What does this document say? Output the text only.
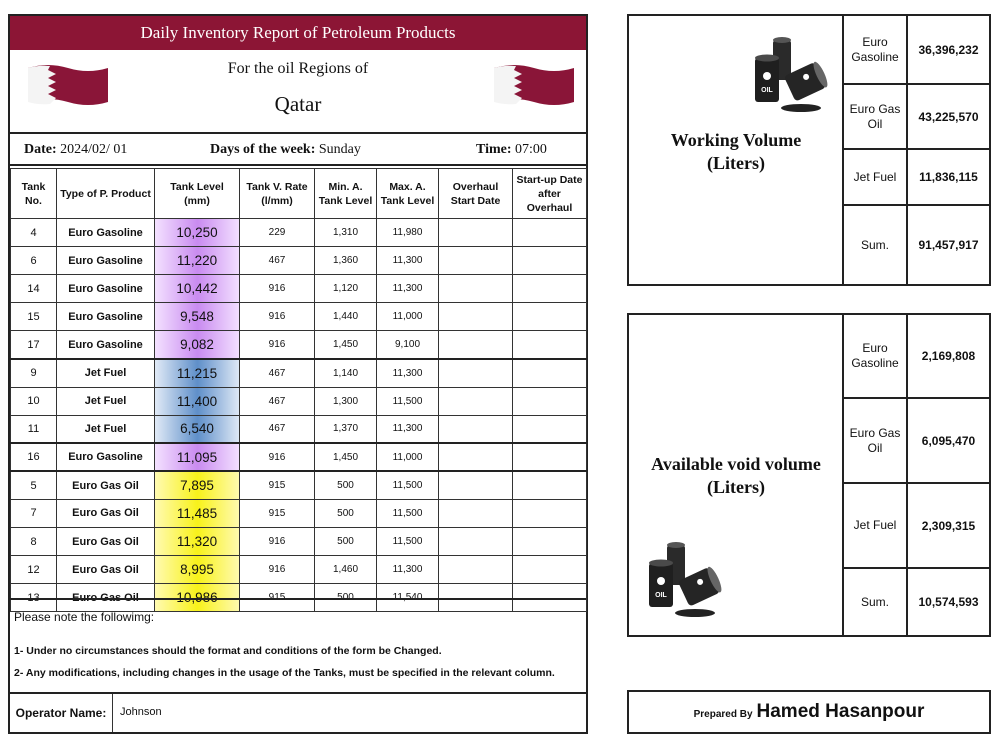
Daily Inventory Report of Petroleum Products
For the oil Regions of
Qatar
Date: 2024/02/ 01	Days of the week: Sunday	Time: 07:00
Tank No.	Type of P. Product	Tank Level (mm)	Tank V. Rate (l/mm)	Min. A. Tank Level	Max. A. Tank Level	Overhaul Start Date	Start-up Date after Overhaul
4	Euro Gasoline	10,250	229	1,310	11,980		
6	Euro Gasoline	11,220	467	1,360	11,300		
14	Euro Gasoline	10,442	916	1,120	11,300		
15	Euro Gasoline	9,548	916	1,440	11,000		
17	Euro Gasoline	9,082	916	1,450	9,100		
9	Jet Fuel	11,215	467	1,140	11,300		
10	Jet Fuel	11,400	467	1,300	11,500		
11	Jet Fuel	6,540	467	1,370	11,300		
16	Euro Gasoline	11,095	916	1,450	11,000		
5	Euro Gas Oil	7,895	915	500	11,500		
7	Euro Gas Oil	11,485	915	500	11,500		
8	Euro Gas Oil	11,320	916	500	11,500		
12	Euro Gas Oil	8,995	916	1,460	11,300		
13	Euro Gas Oil	10,986	915	500	11,540		
Please note the followimg:
1- Under no circumstances should the format and conditions of the form be Changed.
2- Any modifications, including changes in the usage of the Tanks, must be specified in the relevant column.
Operator Name:	Johnson
OIL
Working Volume
(Liters)
Euro Gasoline	36,396,232
Euro Gas Oil	43,225,570
Jet Fuel	11,836,115
Sum.	91,457,917
Available void volume
(Liters)
OIL
Euro Gasoline	2,169,808
Euro Gas Oil	6,095,470
Jet Fuel	2,309,315
Sum.	10,574,593
Prepared By Hamed Hasanpour
